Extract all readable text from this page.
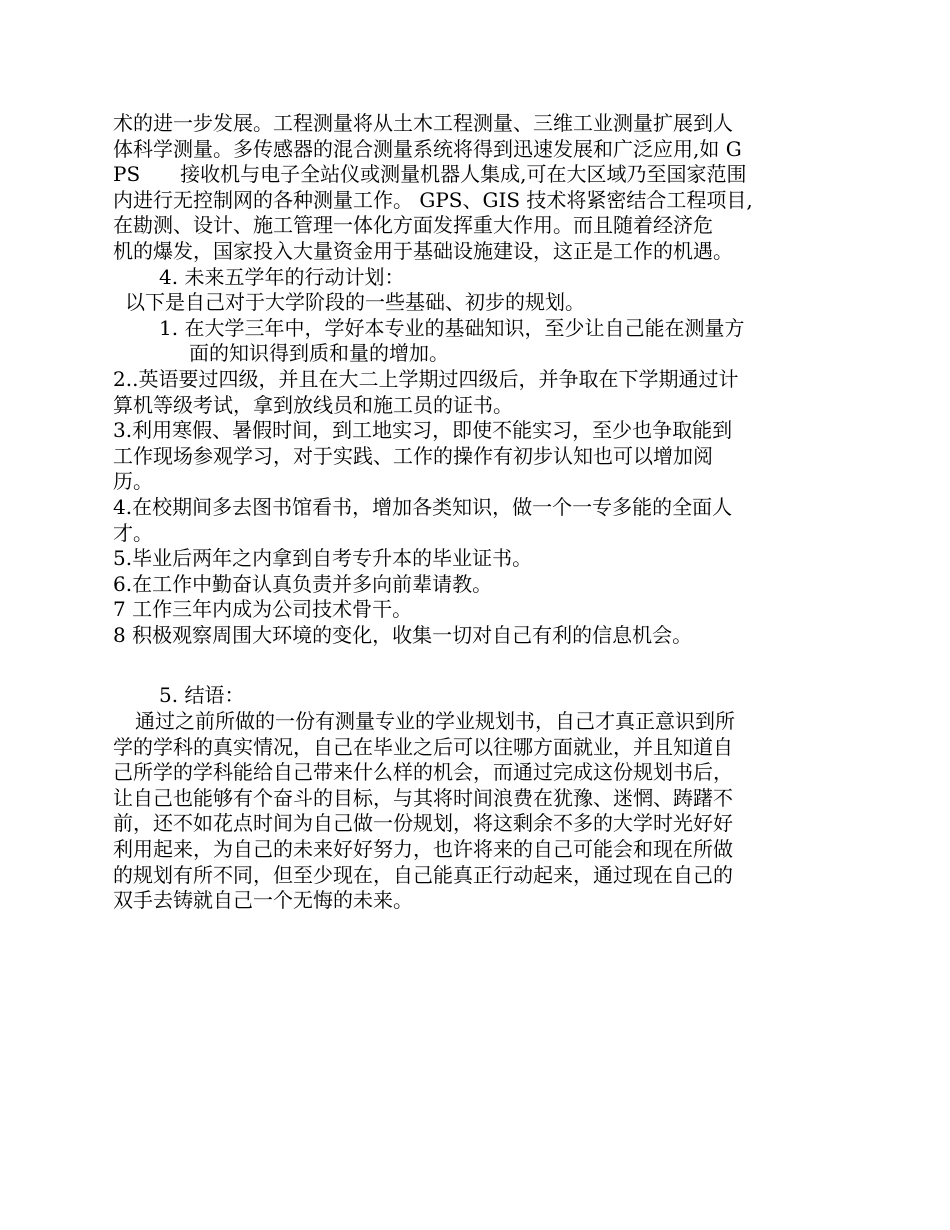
术的进一步发展。工程测量将从土木工程测量、三维工业测量扩展到人
体科学测量。多传感器的混合测量系统将得到迅速发展和广泛应用,如 G
PS　　接收机与电子全站仪或测量机器人集成,可在大区域乃至国家范围
内进行无控制网的各种测量工作。 GPS、GIS 技术将紧密结合工程项目,
在勘测、设计、施工管理一体化方面发挥重大作用。而且随着经济危
机的爆发，国家投入大量资金用于基础设施建设，这正是工作的机遇。
4. 未来五学年的行动计划：
以下是自己对于大学阶段的一些基础、初步的规划。
1. 在大学三年中，学好本专业的基础知识，至少让自己能在测量方
面的知识得到质和量的增加。
2..英语要过四级，并且在大二上学期过四级后，并争取在下学期通过计
算机等级考试，拿到放线员和施工员的证书。
3.利用寒假、暑假时间，到工地实习，即使不能实习，至少也争取能到
工作现场参观学习，对于实践、工作的操作有初步认知也可以增加阅
历。
4.在校期间多去图书馆看书，增加各类知识，做一个一专多能的全面人
才。
5.毕业后两年之内拿到自考专升本的毕业证书。
6.在工作中勤奋认真负责并多向前辈请教。
7 工作三年内成为公司技术骨干。
8 积极观察周围大环境的变化，收集一切对自己有利的信息机会。
5. 结语：
通过之前所做的一份有测量专业的学业规划书，自己才真正意识到所
学的学科的真实情况，自己在毕业之后可以往哪方面就业，并且知道自
己所学的学科能给自己带来什么样的机会，而通过完成这份规划书后，
让自己也能够有个奋斗的目标，与其将时间浪费在犹豫、迷惘、踌躇不
前，还不如花点时间为自己做一份规划，将这剩余不多的大学时光好好
利用起来，为自己的未来好好努力，也许将来的自己可能会和现在所做
的规划有所不同，但至少现在，自己能真正行动起来，通过现在自己的
双手去铸就自己一个无悔的未来。
